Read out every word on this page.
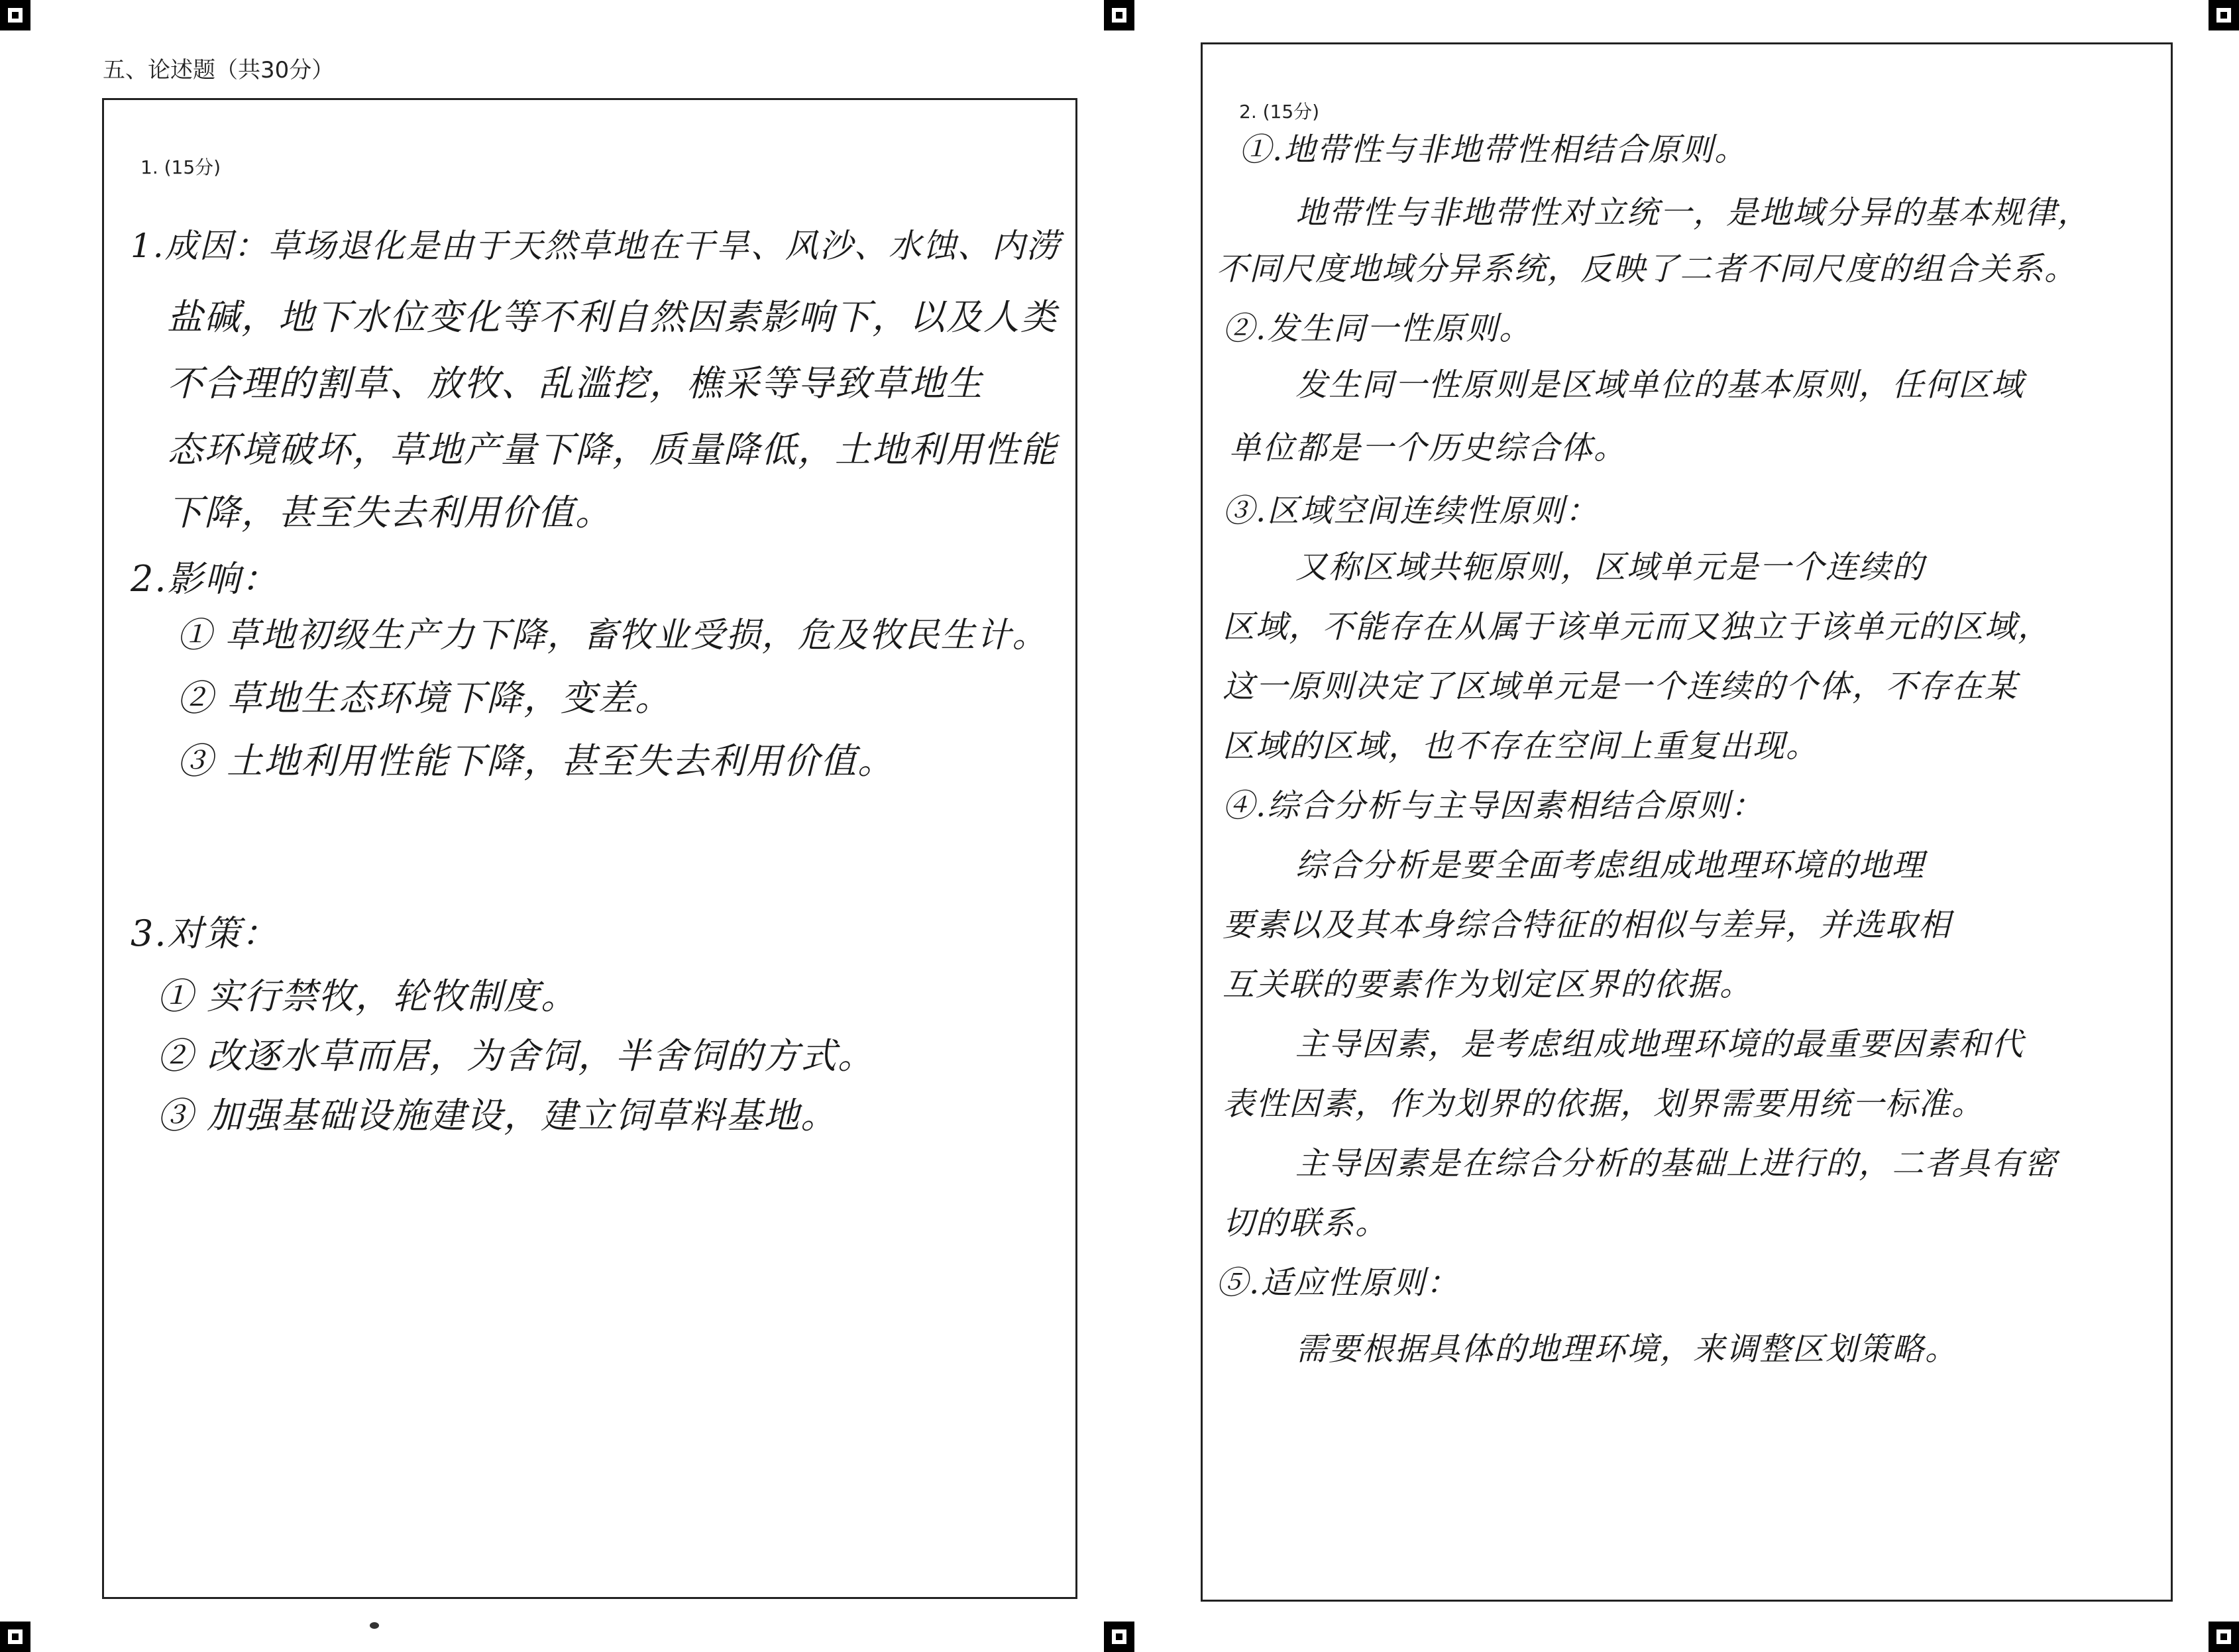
五、论述题（共30分）
1. (15分)
1.成因：草场退化是由于天然草地在干旱、风沙、水蚀、内涝
盐碱，地下水位变化等不利自然因素影响下，以及人类
不合理的割草、放牧、乱滥挖，樵采等导致草地生
态环境破坏，草地产量下降，质量降低，土地利用性能
下降，甚至失去利用价值。
2.影响：
① 草地初级生产力下降，畜牧业受损，危及牧民生计。
② 草地生态环境下降，变差。
③ 土地利用性能下降，甚至失去利用价值。
3.对策：
① 实行禁牧，轮牧制度。
② 改逐水草而居，为舍饲，半舍饲的方式。
③ 加强基础设施建设，建立饲草料基地。
2. (15分)
①.地带性与非地带性相结合原则。
地带性与非地带性对立统一，是地域分异的基本规律，
不同尺度地域分异系统，反映了二者不同尺度的组合关系。
②.发生同一性原则。
发生同一性原则是区域单位的基本原则，任何区域
单位都是一个历史综合体。
③.区域空间连续性原则：
又称区域共轭原则，区域单元是一个连续的
区域，不能存在从属于该单元而又独立于该单元的区域，
这一原则决定了区域单元是一个连续的个体，不存在某
区域的区域，也不存在空间上重复出现。
④.综合分析与主导因素相结合原则：
综合分析是要全面考虑组成地理环境的地理
要素以及其本身综合特征的相似与差异，并选取相
互关联的要素作为划定区界的依据。
主导因素，是考虑组成地理环境的最重要因素和代
表性因素，作为划界的依据，划界需要用统一标准。
主导因素是在综合分析的基础上进行的，二者具有密
切的联系。
⑤.适应性原则：
需要根据具体的地理环境，来调整区划策略。
